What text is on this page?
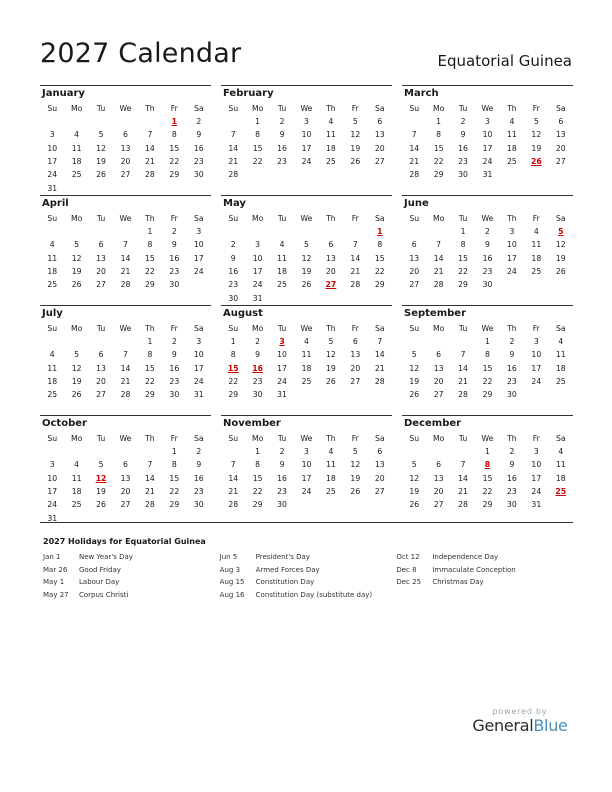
2027 Calendar	Equatorial Guinea
January
Su	Mo	Tu	We	Th	Fr	Sa
					1	2
3	4	5	6	7	8	9
10	11	12	13	14	15	16
17	18	19	20	21	22	23
24	25	26	27	28	29	30
31						
February
Su	Mo	Tu	We	Th	Fr	Sa
	1	2	3	4	5	6
7	8	9	10	11	12	13
14	15	16	17	18	19	20
21	22	23	24	25	26	27
28						

March
Su	Mo	Tu	We	Th	Fr	Sa
	1	2	3	4	5	6
7	8	9	10	11	12	13
14	15	16	17	18	19	20
21	22	23	24	25	26	27
28	29	30	31			

April
Su	Mo	Tu	We	Th	Fr	Sa
				1	2	3
4	5	6	7	8	9	10
11	12	13	14	15	16	17
18	19	20	21	22	23	24
25	26	27	28	29	30	

May
Su	Mo	Tu	We	Th	Fr	Sa
						1
2	3	4	5	6	7	8
9	10	11	12	13	14	15
16	17	18	19	20	21	22
23	24	25	26	27	28	29
30	31					
June
Su	Mo	Tu	We	Th	Fr	Sa
		1	2	3	4	5
6	7	8	9	10	11	12
13	14	15	16	17	18	19
20	21	22	23	24	25	26
27	28	29	30			

July
Su	Mo	Tu	We	Th	Fr	Sa
				1	2	3
4	5	6	7	8	9	10
11	12	13	14	15	16	17
18	19	20	21	22	23	24
25	26	27	28	29	30	31

August
Su	Mo	Tu	We	Th	Fr	Sa
1	2	3	4	5	6	7
8	9	10	11	12	13	14
15	16	17	18	19	20	21
22	23	24	25	26	27	28
29	30	31				

September
Su	Mo	Tu	We	Th	Fr	Sa
			1	2	3	4
5	6	7	8	9	10	11
12	13	14	15	16	17	18
19	20	21	22	23	24	25
26	27	28	29	30		

October
Su	Mo	Tu	We	Th	Fr	Sa
					1	2
3	4	5	6	7	8	9
10	11	12	13	14	15	16
17	18	19	20	21	22	23
24	25	26	27	28	29	30
31						
November
Su	Mo	Tu	We	Th	Fr	Sa
	1	2	3	4	5	6
7	8	9	10	11	12	13
14	15	16	17	18	19	20
21	22	23	24	25	26	27
28	29	30				

December
Su	Mo	Tu	We	Th	Fr	Sa
			1	2	3	4
5	6	7	8	9	10	11
12	13	14	15	16	17	18
19	20	21	22	23	24	25
26	27	28	29	30	31	

2027 Holidays for Equatorial Guinea
Jan 1	New Year's Day
Mar 26	Good Friday
May 1	Labour Day
May 27	Corpus Christi
Jun 5	President's Day
Aug 3	Armed Forces Day
Aug 15	Constitution Day
Aug 16	Constitution Day (substitute day)
Oct 12	Independence Day
Dec 8	Immaculate Conception
Dec 25	Christmas Day
powered by
GeneralBlue
